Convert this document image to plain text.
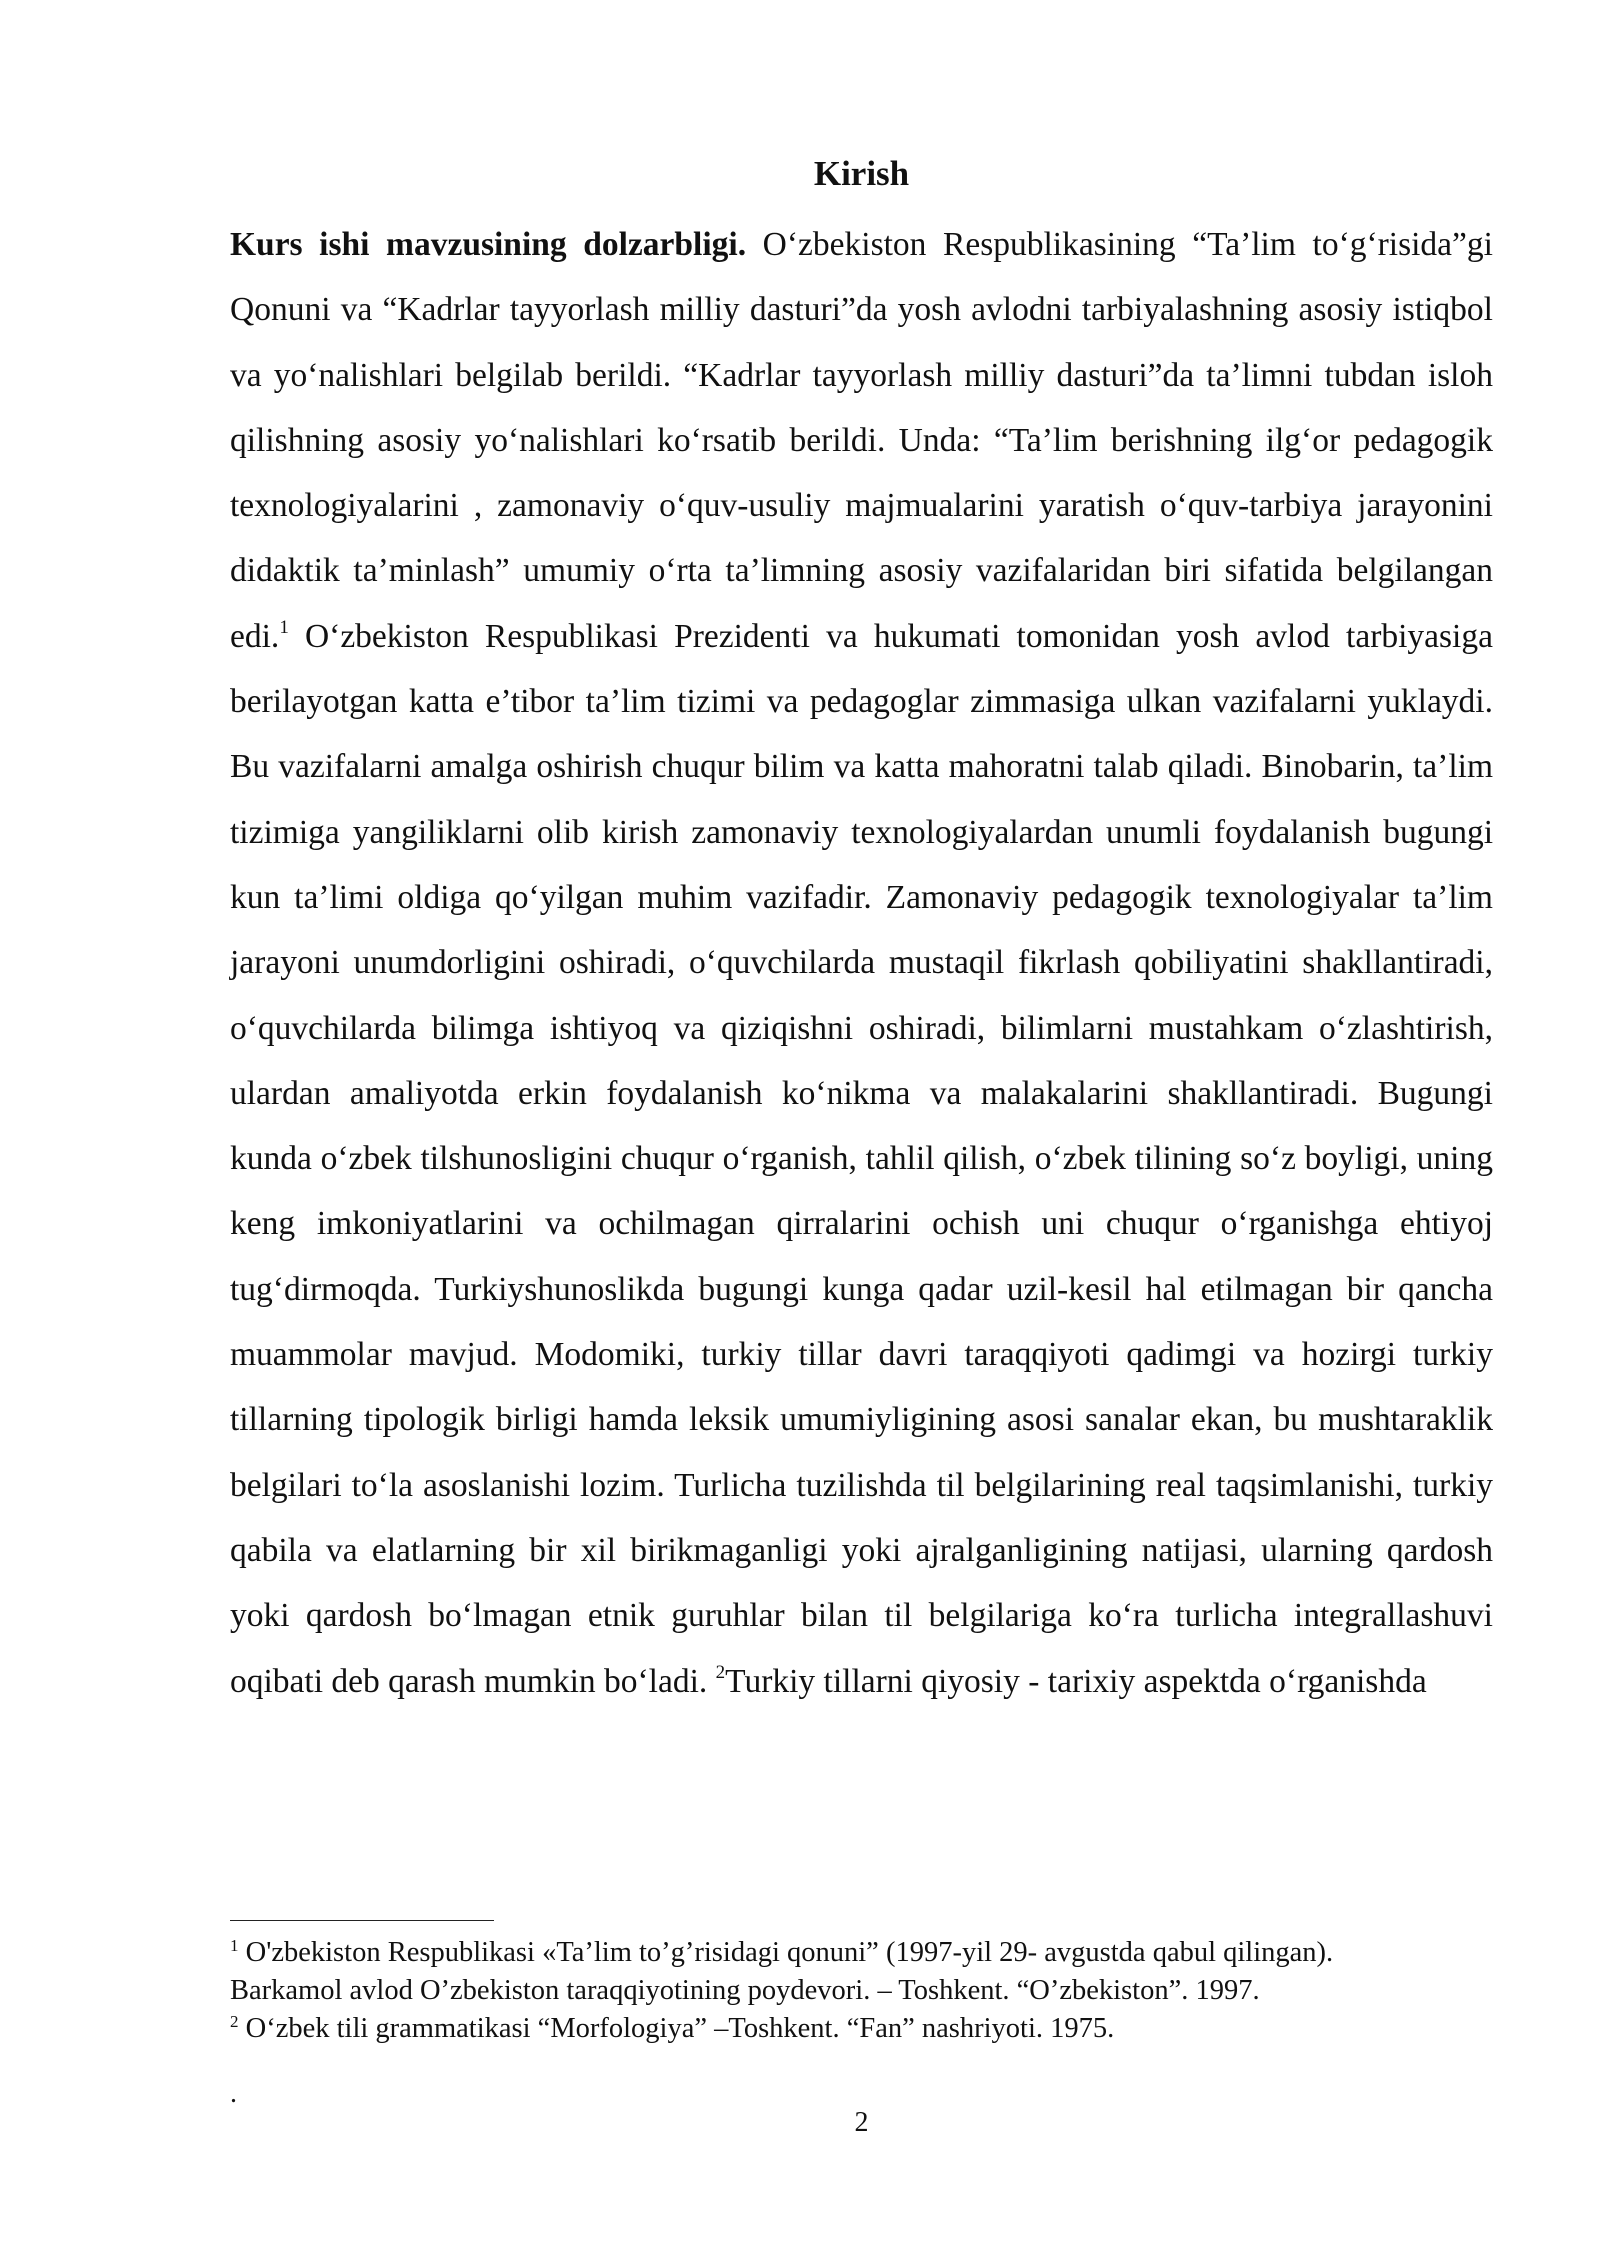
Kirish
Kurs ishi mavzusining dolzarbligi. O‘zbekiston Respublikasining “Ta’lim to‘g‘risida”gi Qonuni va “Kadrlar tayyorlash milliy dasturi”da yosh avlodni tarbiyalashning asosiy istiqbol va yo‘nalishlari belgilab berildi. “Kadrlar tayyorlash milliy dasturi”da ta’limni tubdan isloh qilishning asosiy yo‘nalishlari ko‘rsatib berildi. Unda: “Ta’lim berishning ilg‘or pedagogik texnologiyalarini , zamonaviy o‘quv-usuliy majmualarini yaratish o‘quv-tarbiya jarayonini didaktik ta’minlash” umumiy o‘rta ta’limning asosiy vazifalaridan biri sifatida belgilangan edi.$^1$ O‘zbekiston Respublikasi Prezidenti va hukumati tomonidan yosh avlod tarbiyasiga berilayotgan katta e’tibor ta’lim tizimi va pedagoglar zimmasiga ulkan vazifalarni yuklaydi. Bu vazifalarni amalga oshirish chuqur bilim va katta mahoratni talab qiladi. Binobarin, ta’lim tizimiga yangiliklarni olib kirish zamonaviy texnologiyalardan unumli foydalanish bugungi kun ta’limi oldiga qo‘yilgan muhim vazifadir. Zamonaviy pedagogik texnologiyalar ta’lim jarayoni unumdorligini oshiradi, o‘quvchilarda mustaqil fikrlash qobiliyatini shakllantiradi, o‘quvchilarda bilimga ishtiyoq va qiziqishni oshiradi, bilimlarni mustahkam o‘zlashtirish, ulardan amaliyotda erkin foydalanish ko‘nikma va malakalarini shakllantiradi. Bugungi kunda o‘zbek tilshunosligini chuqur o‘rganish, tahlil qilish, o‘zbek tilining so‘z boyligi, uning keng imkoniyatlarini va ochilmagan qirralarini ochish uni chuqur o‘rganishga ehtiyoj tug‘dirmoqda. Turkiyshunoslikda bugungi kunga qadar uzil-kesil hal etilmagan bir qancha muammolar mavjud. Modomiki, turkiy tillar davri taraqqiyoti qadimgi va hozirgi turkiy tillarning tipologik birligi hamda leksik umumiyligining asosi sanalar ekan, bu mushtaraklik belgilari to‘la asoslanishi lozim. Turlicha tuzilishda til belgilarining real taqsimlanishi, turkiy qabila va elatlarning bir xil birikmaganligi yoki ajralganligining natijasi, ularning qardosh yoki qardosh bo‘lmagan etnik guruhlar bilan til belgilariga ko‘ra turlicha integrallashuvi oqibati deb qarash mumkin bo‘ladi. $^2$Turkiy tillarni qiyosiy - tarixiy aspektda o‘rganishda

$^1$ O'zbekiston Respublikasi «Ta’lim to’g’risidagi qonuni” (1997-yil 29- avgustda qabul qilingan).
Barkamol avlod O’zbekiston taraqqiyotining poydevori. – Toshkent. “O’zbekiston”. 1997.

$^2$ O‘zbek tili grammatikasi “Morfologiya” –Toshkent. “Fan” nashriyoti. 1975.

.
2
